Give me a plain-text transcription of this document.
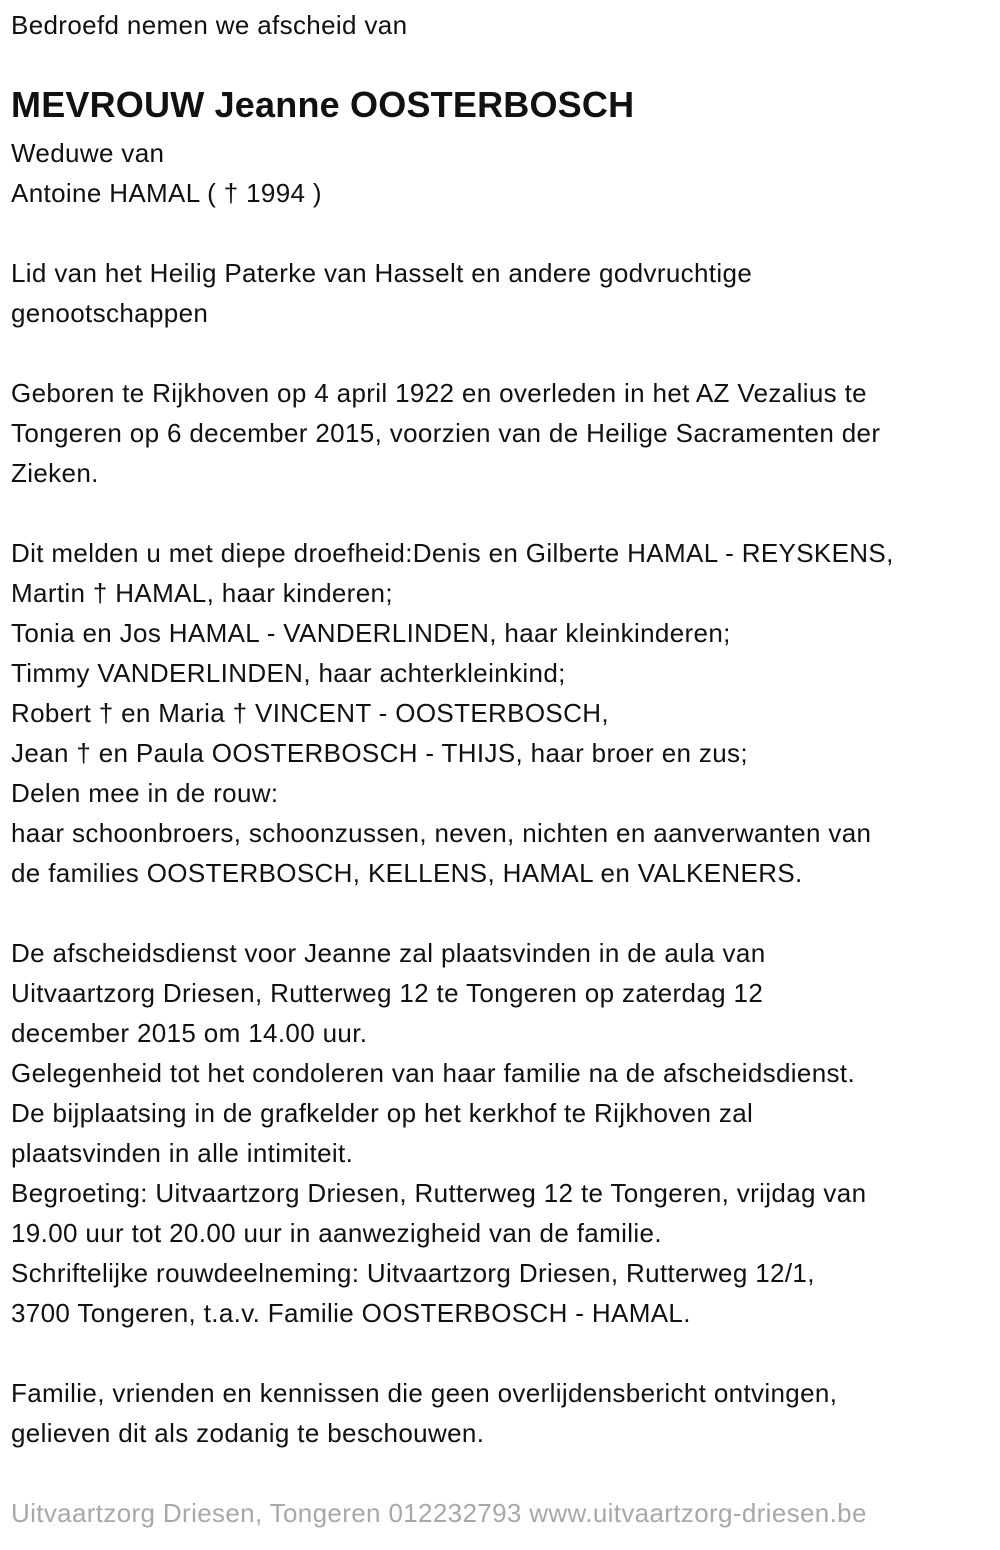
Bedroefd nemen we afscheid van
MEVROUW Jeanne OOSTERBOSCH
Weduwe van
Antoine HAMAL ( † 1994 )
Lid van het Heilig Paterke van Hasselt en andere godvruchtige
genootschappen
Geboren te Rijkhoven op 4 april 1922 en overleden in het AZ Vezalius te
Tongeren op 6 december 2015, voorzien van de Heilige Sacramenten der
Zieken.
Dit melden u met diepe droefheid:Denis en Gilberte HAMAL - REYSKENS,
Martin † HAMAL, haar kinderen;
Tonia en Jos HAMAL - VANDERLINDEN, haar kleinkinderen;
Timmy VANDERLINDEN, haar achterkleinkind;
Robert † en Maria † VINCENT - OOSTERBOSCH,
Jean † en Paula OOSTERBOSCH - THIJS, haar broer en zus;
Delen mee in de rouw:
haar schoonbroers, schoonzussen, neven, nichten en aanverwanten van
de families OOSTERBOSCH, KELLENS, HAMAL en VALKENERS.
De afscheidsdienst voor Jeanne zal plaatsvinden in de aula van
Uitvaartzorg Driesen, Rutterweg 12 te Tongeren op zaterdag 12
december 2015 om 14.00 uur.
Gelegenheid tot het condoleren van haar familie na de afscheidsdienst.
De bijplaatsing in de grafkelder op het kerkhof te Rijkhoven zal
plaatsvinden in alle intimiteit.
Begroeting: Uitvaartzorg Driesen, Rutterweg 12 te Tongeren, vrijdag van
19.00 uur tot 20.00 uur in aanwezigheid van de familie.
Schriftelijke rouwdeelneming: Uitvaartzorg Driesen, Rutterweg 12/1,
3700 Tongeren, t.a.v. Familie OOSTERBOSCH - HAMAL.
Familie, vrienden en kennissen die geen overlijdensbericht ontvingen,
gelieven dit als zodanig te beschouwen.
Uitvaartzorg Driesen, Tongeren 012232793 www.uitvaartzorg-driesen.be
